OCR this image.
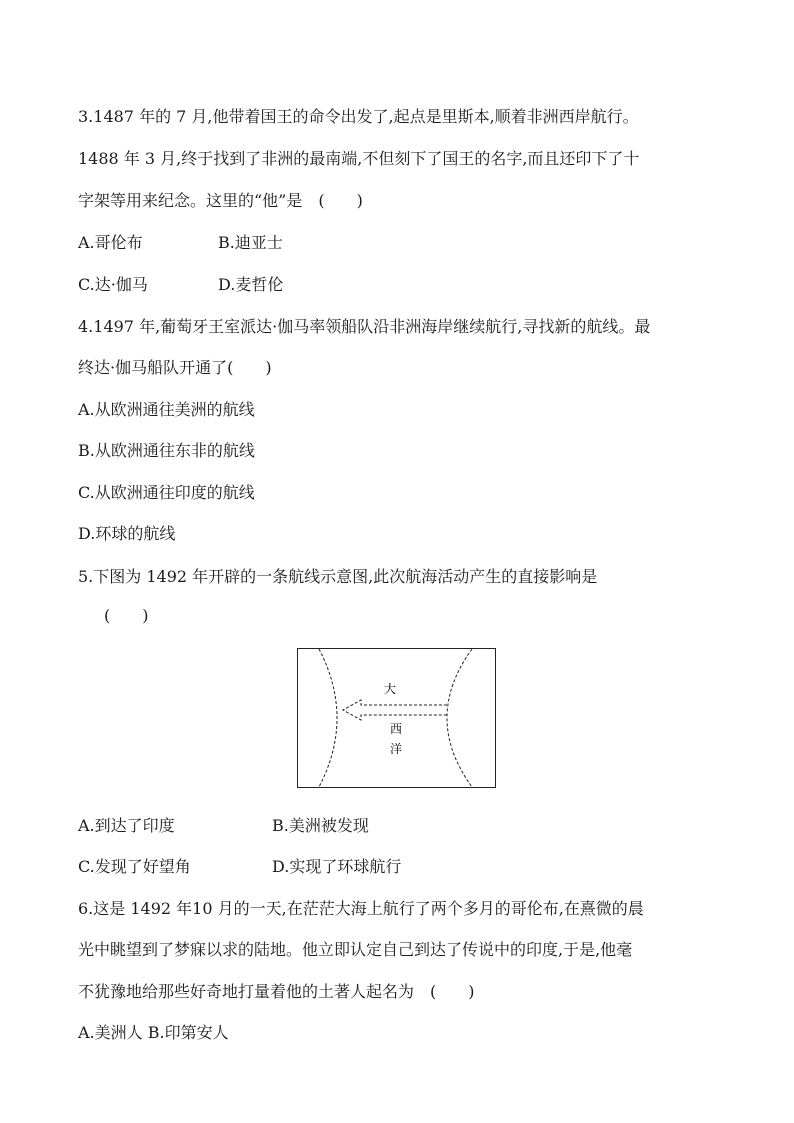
3.1487 年的 7 月,他带着国王的命令出发了,起点是里斯本,顺着非洲西岸航行。
1488 年 3 月,终于找到了非洲的最南端,不但刻下了国王的名字,而且还印下了十
字架等用来纪念。这里的“他”是　(　　)
A.哥伦布	B.迪亚士
C.达·伽马	D.麦哲伦
4.1497 年,葡萄牙王室派达·伽马率领船队沿非洲海岸继续航行,寻找新的航线。最
终达·伽马船队开通了(　　)
A.从欧洲通往美洲的航线
B.从欧洲通往东非的航线
C.从欧洲通往印度的航线
D.环球的航线
5.下图为 1492 年开辟的一条航线示意图,此次航海活动产生的直接影响是
(　　)
大
西
洋
A.到达了印度	B.美洲被发现
C.发现了好望角	D.实现了环球航行
6.这是 1492 年10 月的一天,在茫茫大海上航行了两个多月的哥伦布,在熹微的晨
光中眺望到了梦寐以求的陆地。他立即认定自己到达了传说中的印度,于是,他毫
不犹豫地给那些好奇地打量着他的土著人起名为　(　　)
A.美洲人 B.印第安人
